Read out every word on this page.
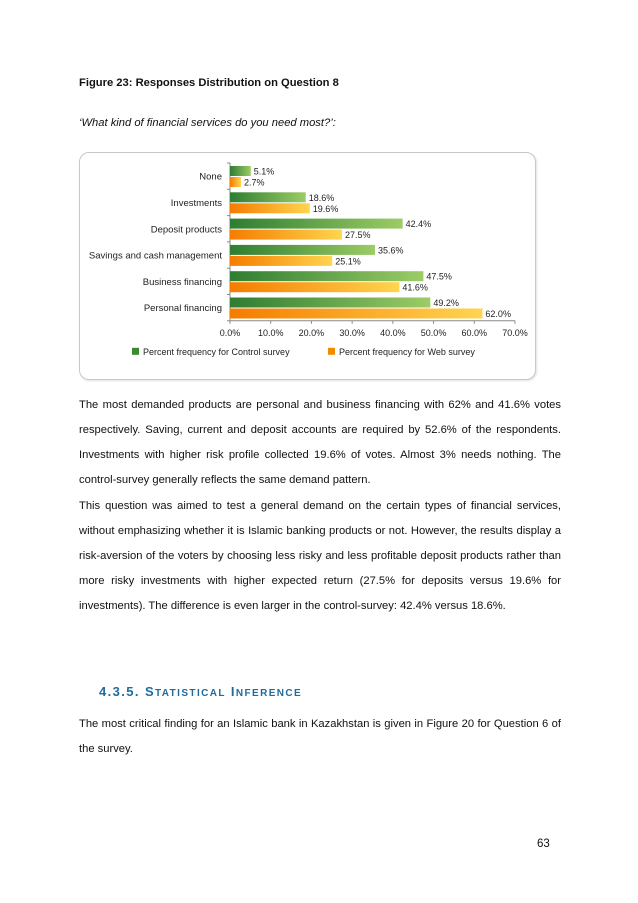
Figure 23: Responses Distribution on Question 8
‘What kind of financial services do you need most?’:
None
5.1%
2.7%
Investments
18.6%
19.6%
Deposit products
42.4%
27.5%
Savings and cash management
35.6%
25.1%
Business financing
47.5%
41.6%
Personal financing
49.2%
62.0%
0.0% 10.0% 20.0% 30.0% 40.0% 50.0% 60.0% 70.0%
Percent frequency for Control survey	Percent frequency for Web survey

The most demanded products are personal and business financing with 62% and 41.6% votes respectively. Saving, current and deposit accounts are required by 52.6% of the respondents. Investments with higher risk profile collected 19.6% of votes. Almost 3% needs nothing. The control-survey generally reflects the same demand pattern.

This question was aimed to test a general demand on the certain types of financial services, without emphasizing whether it is Islamic banking products or not. However, the results display a risk-aversion of the voters by choosing less risky and less profitable deposit products rather than more risky investments with higher expected return (27.5% for deposits versus 19.6% for investments). The difference is even larger in the control-survey: 42.4% versus 18.6%.

4.3.5. STATISTICAL INFERENCE

The most critical finding for an Islamic bank in Kazakhstan is given in Figure 20 for Question 6 of the survey.

63
